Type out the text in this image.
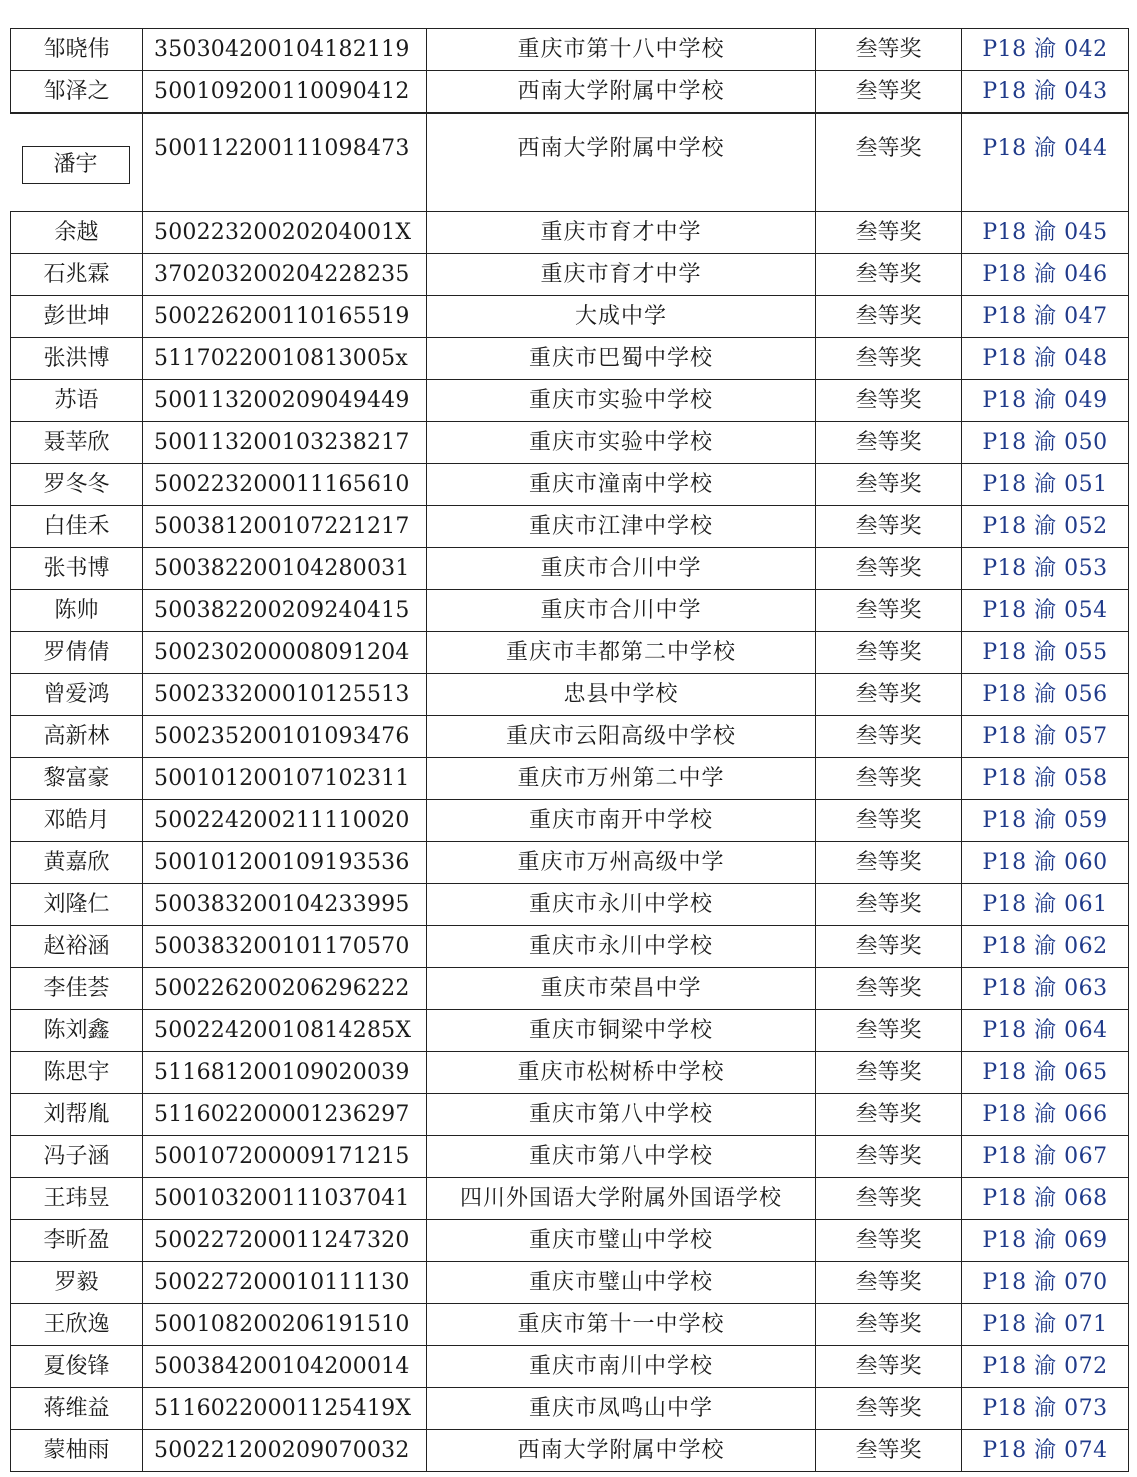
邹晓伟	350304200104182119	重庆市第十八中学校	叁等奖	P18 渝 042
邹泽之	500109200110090412	西南大学附属中学校	叁等奖	P18 渝 043

潘宇	500112200111098473	西南大学附属中学校	叁等奖	P18 渝 044
余越	50022320020204001X	重庆市育才中学	叁等奖	P18 渝 045
石兆霖	370203200204228235	重庆市育才中学	叁等奖	P18 渝 046
彭世坤	500226200110165519	大成中学	叁等奖	P18 渝 047
张洪博	51170220010813005x	重庆市巴蜀中学校	叁等奖	P18 渝 048
苏语	500113200209049449	重庆市实验中学校	叁等奖	P18 渝 049
聂莘欣	500113200103238217	重庆市实验中学校	叁等奖	P18 渝 050
罗冬冬	500223200011165610	重庆市潼南中学校	叁等奖	P18 渝 051
白佳禾	500381200107221217	重庆市江津中学校	叁等奖	P18 渝 052
张书博	500382200104280031	重庆市合川中学	叁等奖	P18 渝 053
陈帅	500382200209240415	重庆市合川中学	叁等奖	P18 渝 054
罗倩倩	500230200008091204	重庆市丰都第二中学校	叁等奖	P18 渝 055
曾爱鸿	500233200010125513	忠县中学校	叁等奖	P18 渝 056
高新林	500235200101093476	重庆市云阳高级中学校	叁等奖	P18 渝 057
黎富豪	500101200107102311	重庆市万州第二中学	叁等奖	P18 渝 058
邓皓月	500224200211110020	重庆市南开中学校	叁等奖	P18 渝 059
黄嘉欣	500101200109193536	重庆市万州高级中学	叁等奖	P18 渝 060
刘隆仁	500383200104233995	重庆市永川中学校	叁等奖	P18 渝 061
赵裕涵	500383200101170570	重庆市永川中学校	叁等奖	P18 渝 062
李佳荟	500226200206296222	重庆市荣昌中学	叁等奖	P18 渝 063
陈刘鑫	50022420010814285X	重庆市铜梁中学校	叁等奖	P18 渝 064
陈思宇	511681200109020039	重庆市松树桥中学校	叁等奖	P18 渝 065
刘帮胤	511602200001236297	重庆市第八中学校	叁等奖	P18 渝 066
冯子涵	500107200009171215	重庆市第八中学校	叁等奖	P18 渝 067
王玮昱	500103200111037041	四川外国语大学附属外国语学校	叁等奖	P18 渝 068
李昕盈	500227200011247320	重庆市璧山中学校	叁等奖	P18 渝 069
罗毅	500227200010111130	重庆市璧山中学校	叁等奖	P18 渝 070
王欣逸	500108200206191510	重庆市第十一中学校	叁等奖	P18 渝 071
夏俊锋	500384200104200014	重庆市南川中学校	叁等奖	P18 渝 072
蒋维益	51160220001125419X	重庆市凤鸣山中学	叁等奖	P18 渝 073
蒙柚雨	500221200209070032	西南大学附属中学校	叁等奖	P18 渝 074
